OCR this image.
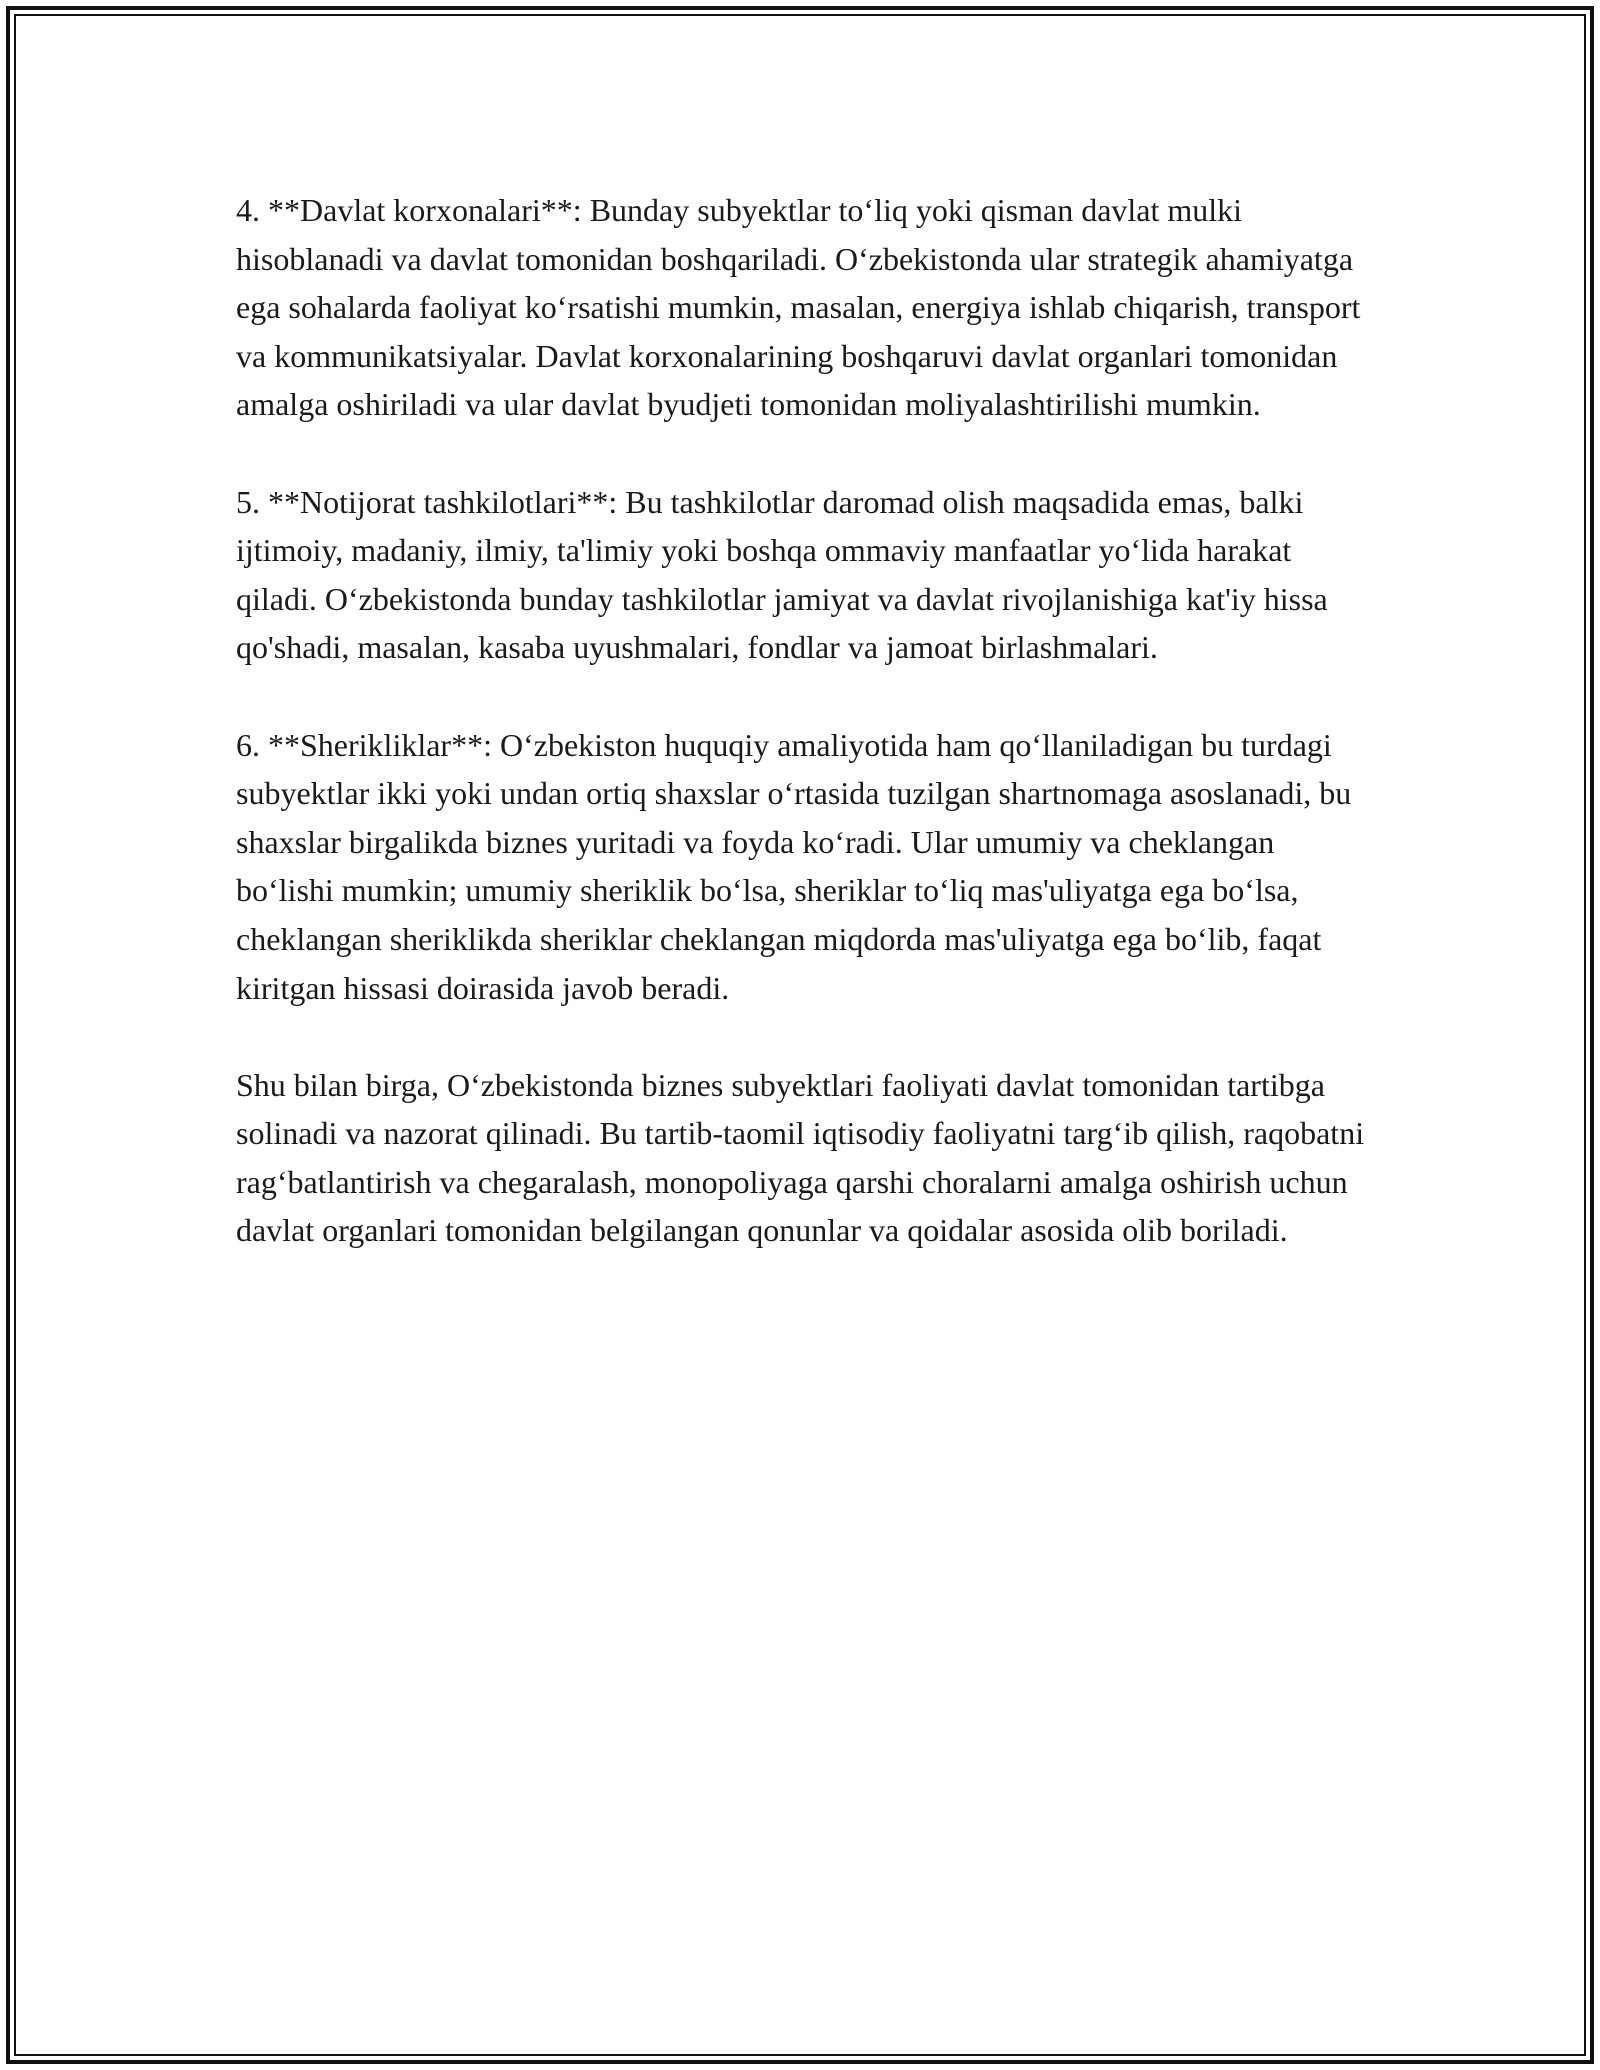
4. **Davlat korxonalari**: Bunday subyektlar to‘liq yoki qisman davlat mulki hisoblanadi va davlat tomonidan boshqariladi. O‘zbekistonda ular strategik ahamiyatga ega sohalarda faoliyat ko‘rsatishi mumkin, masalan, energiya ishlab chiqarish, transport va kommunikatsiyalar. Davlat korxonalarining boshqaruvi davlat organlari tomonidan amalga oshiriladi va ular davlat byudjeti tomonidan moliyalashtirilishi mumkin.

5. **Notijorat tashkilotlari**: Bu tashkilotlar daromad olish maqsadida emas, balki ijtimoiy, madaniy, ilmiy, ta'limiy yoki boshqa ommaviy manfaatlar yo‘lida harakat qiladi. O‘zbekistonda bunday tashkilotlar jamiyat va davlat rivojlanishiga kat'iy hissa qo'shadi, masalan, kasaba uyushmalari, fondlar va jamoat birlashmalari.

6. **Sherikliklar**: O‘zbekiston huquqiy amaliyotida ham qo‘llaniladigan bu turdagi subyektlar ikki yoki undan ortiq shaxslar o‘rtasida tuzilgan shartnomaga asoslanadi, bu shaxslar birgalikda biznes yuritadi va foyda ko‘radi. Ular umumiy va cheklangan bo‘lishi mumkin; umumiy sheriklik bo‘lsa, sheriklar to‘liq mas'uliyatga ega bo‘lsa, cheklangan sheriklikda sheriklar cheklangan miqdorda mas'uliyatga ega bo‘lib, faqat kiritgan hissasi doirasida javob beradi.

Shu bilan birga, O‘zbekistonda biznes subyektlari faoliyati davlat tomonidan tartibga solinadi va nazorat qilinadi. Bu tartib-taomil iqtisodiy faoliyatni targ‘ib qilish, raqobatni rag‘batlantirish va chegaralash, monopoliyaga qarshi choralarni amalga oshirish uchun davlat organlari tomonidan belgilangan qonunlar va qoidalar asosida olib boriladi.
